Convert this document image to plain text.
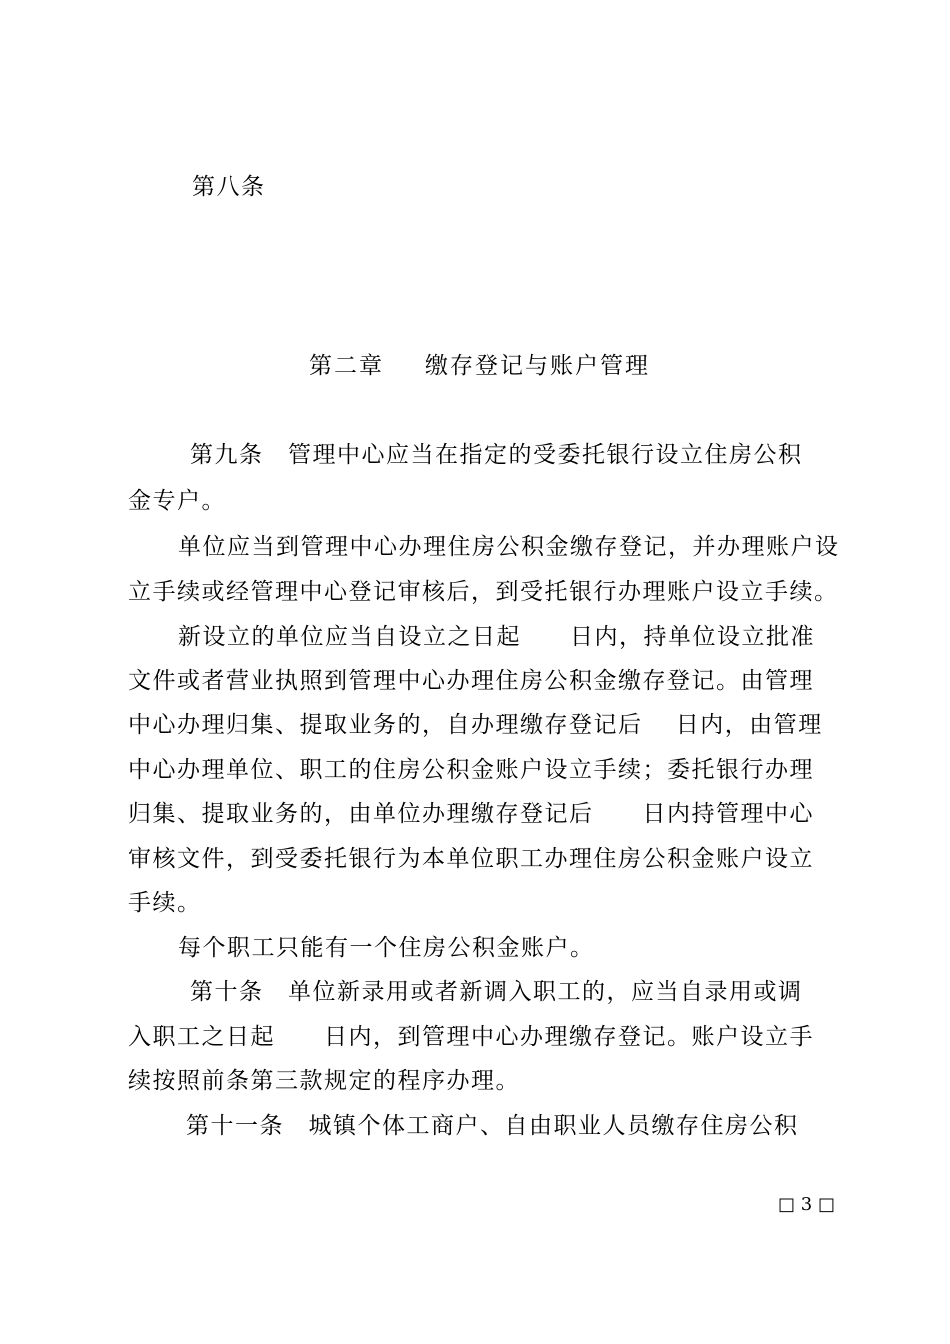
第八条
第二章 缴存登记与账户管理
第九条　管理中心应当在指定的受委托银行设立住房公积
金专户。
单位应当到管理中心办理住房公积金缴存登记，并办理账户设
立手续或经管理中心登记审核后，到受托银行办理账户设立手续。
新设立的单位应当自设立之日起　　日内，持单位设立批准
文件或者营业执照到管理中心办理住房公积金缴存登记。由管理
中心办理归集、提取业务的，自办理缴存登记后　 日内，由管理
中心办理单位、职工的住房公积金账户设立手续；委托银行办理
归集、提取业务的，由单位办理缴存登记后　　日内持管理中心
审核文件，到受委托银行为本单位职工办理住房公积金账户设立
手续。
每个职工只能有一个住房公积金账户。
第十条　单位新录用或者新调入职工的，应当自录用或调
入职工之日起　　日内，到管理中心办理缴存登记。账户设立手
续按照前条第三款规定的程序办理。
第十一条　城镇个体工商户、自由职业人员缴存住房公积
□ 3 □
